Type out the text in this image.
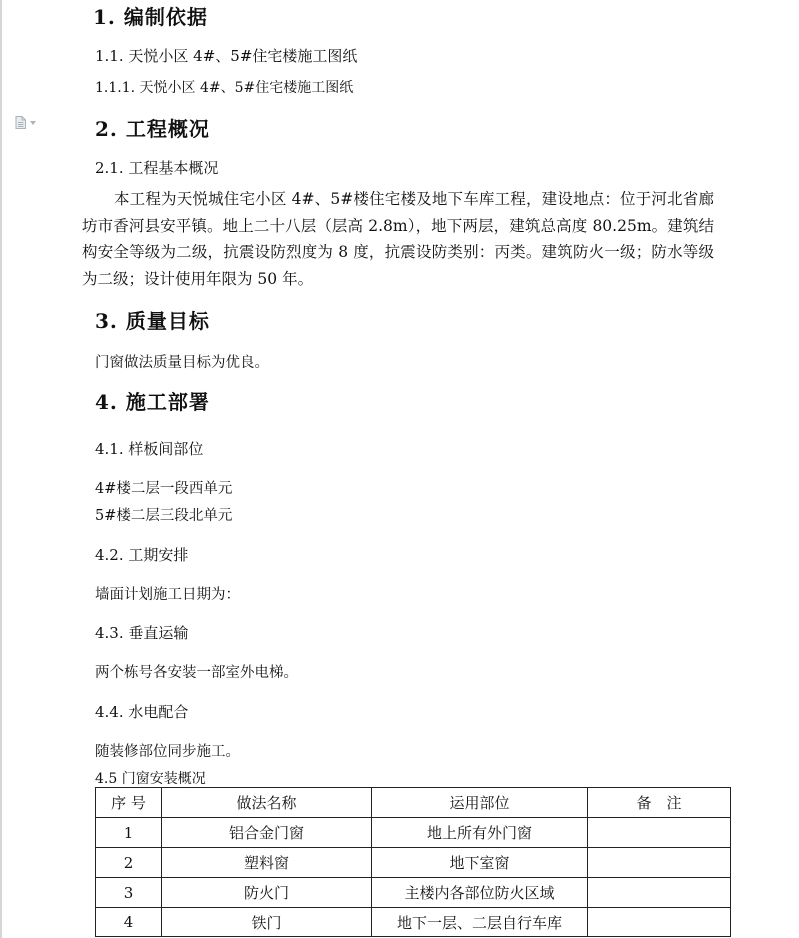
1. 编制依据
1.1. 天悦小区 4#、5#住宅楼施工图纸
1.1.1. 天悦小区 4#、5#住宅楼施工图纸
2. 工程概况
2.1. 工程基本概况
本工程为天悦城住宅小区 4#、5#楼住宅楼及地下车库工程，建设地点：位于河北省廊坊市香河县安平镇。地上二十八层（层高 2.8m），地下两层，建筑总高度 80.25m。建筑结构安全等级为二级，抗震设防烈度为 8 度，抗震设防类别：丙类。建筑防火一级；防水等级为二级；设计使用年限为 50 年。
3. 质量目标
门窗做法质量目标为优良。
4. 施工部署
4.1. 样板间部位
4#楼二层一段西单元
5#楼二层三段北单元
4.2. 工期安排
墙面计划施工日期为：
4.3. 垂直运输
两个栋号各安装一部室外电梯。
4.4. 水电配合
随装修部位同步施工。
4.5 门窗安装概况
序 号	做法名称	运用部位	备　注
1	铝合金门窗	地上所有外门窗	
2	塑料窗	地下室窗	
3	防火门	主楼内各部位防火区域	
4	铁门	地下一层、二层自行车库	
